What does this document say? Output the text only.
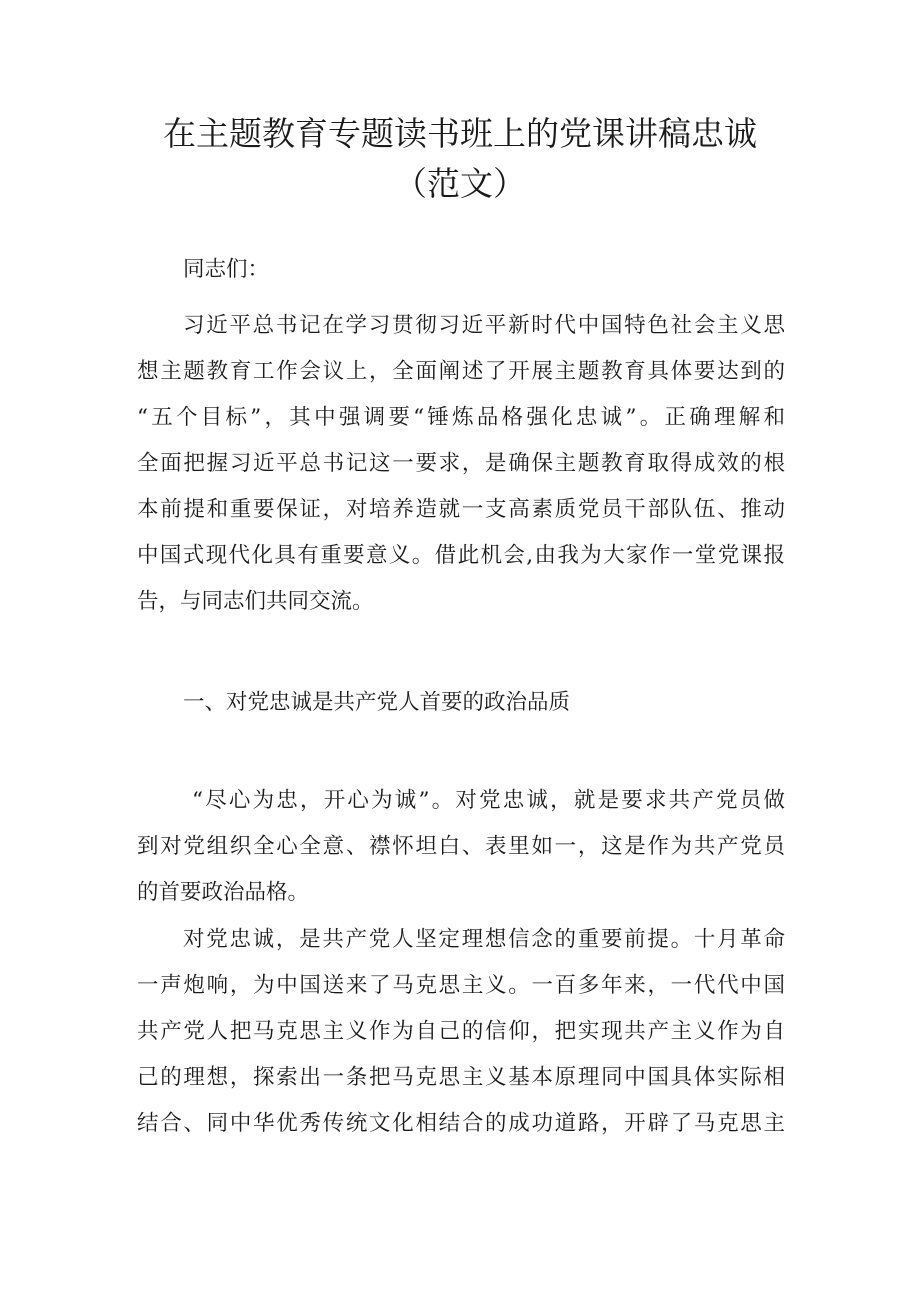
在主题教育专题读书班上的党课讲稿忠诚
（范文）

同志们：

习近平总书记在学习贯彻习近平新时代中国特色社会主义思

想主题教育工作会议上，全面阐述了开展主题教育具体要达到的

“五个目标”，其中强调要“锤炼品格强化忠诚”。正确理解和

全面把握习近平总书记这一要求，是确保主题教育取得成效的根

本前提和重要保证，对培养造就一支高素质党员干部队伍、推动

中国式现代化具有重要意义。借此机会,由我为大家作一堂党课报

告，与同志们共同交流。

一、对党忠诚是共产党人首要的政治品质

“尽心为忠，开心为诚”。对党忠诚，就是要求共产党员做

到对党组织全心全意、襟怀坦白、表里如一，这是作为共产党员

的首要政治品格。

对党忠诚，是共产党人坚定理想信念的重要前提。十月革命

一声炮响，为中国送来了马克思主义。一百多年来，一代代中国

共产党人把马克思主义作为自己的信仰，把实现共产主义作为自

己的理想，探索出一条把马克思主义基本原理同中国具体实际相

结合、同中华优秀传统文化相结合的成功道路，开辟了马克思主
